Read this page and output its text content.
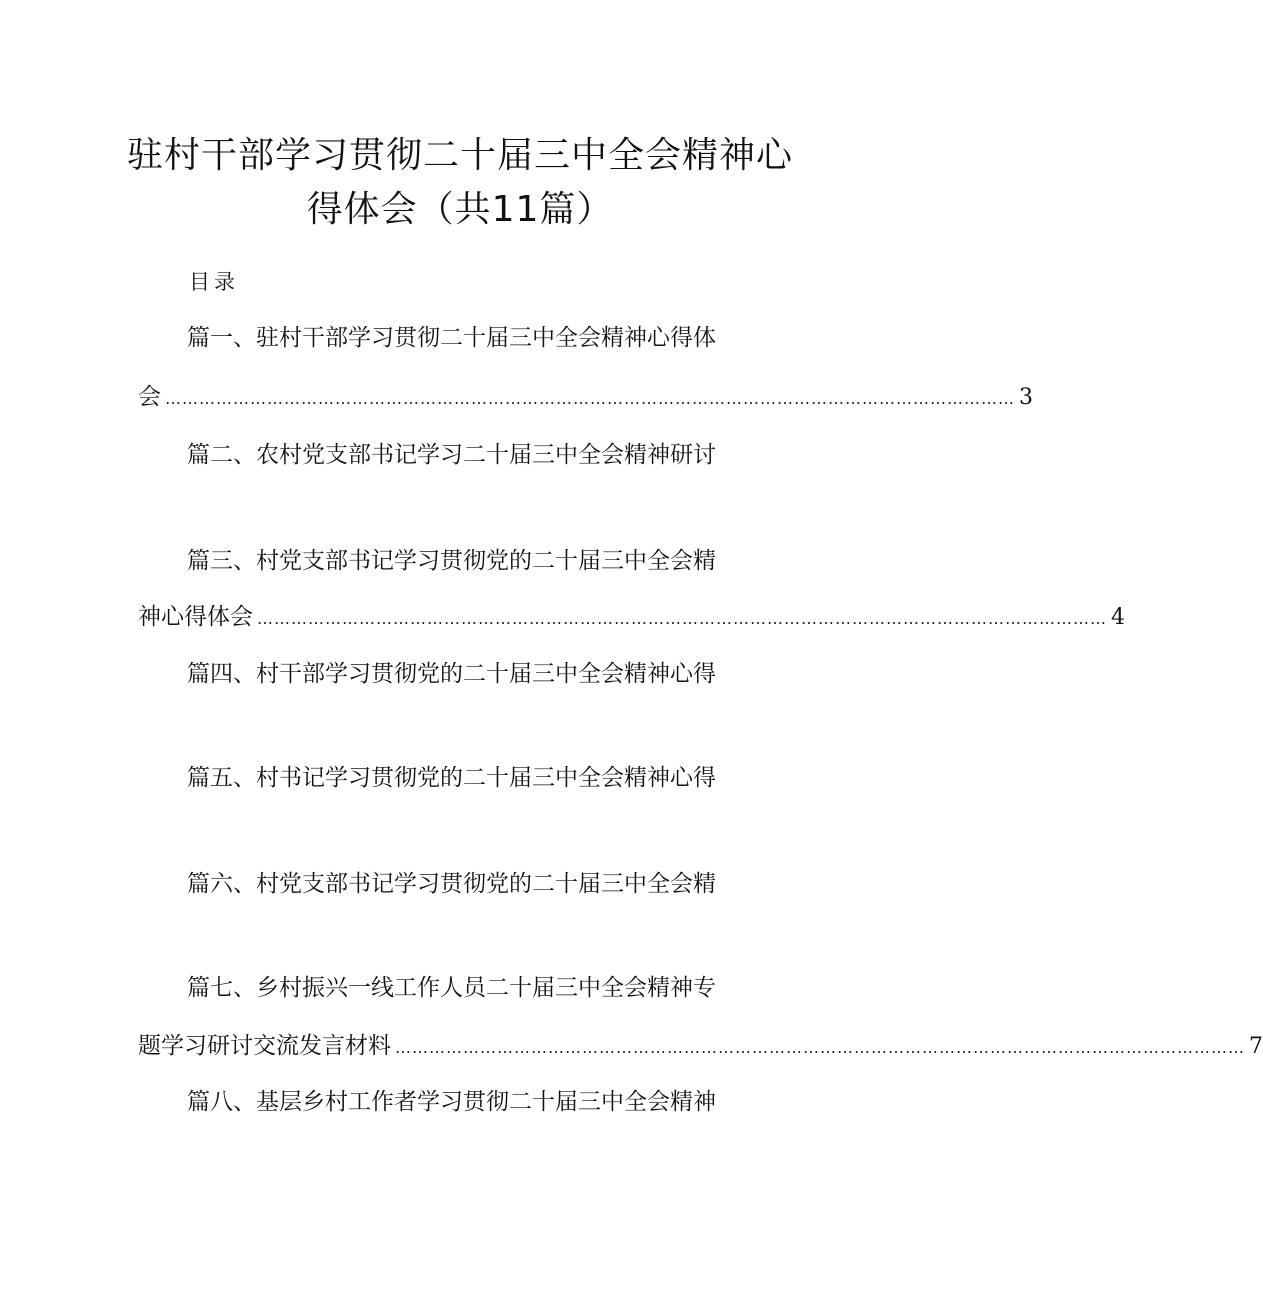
驻村干部学习贯彻二十届三中全会精神心
得体会（共11篇）
目录
篇一、驻村干部学习贯彻二十届三中全会精神心得体
会 …………………………………………………………………………………………………………………………………… 3
篇二、农村党支部书记学习二十届三中全会精神研讨
篇三、村党支部书记学习贯彻党的二十届三中全会精
神心得体会 …………………………………………………………………………………………………………………………………… 4
篇四、村干部学习贯彻党的二十届三中全会精神心得
篇五、村书记学习贯彻党的二十届三中全会精神心得
篇六、村党支部书记学习贯彻党的二十届三中全会精
篇七、乡村振兴一线工作人员二十届三中全会精神专
题学习研讨交流发言材料 …………………………………………………………………………………………………………………………………… 7
篇八、基层乡村工作者学习贯彻二十届三中全会精神
